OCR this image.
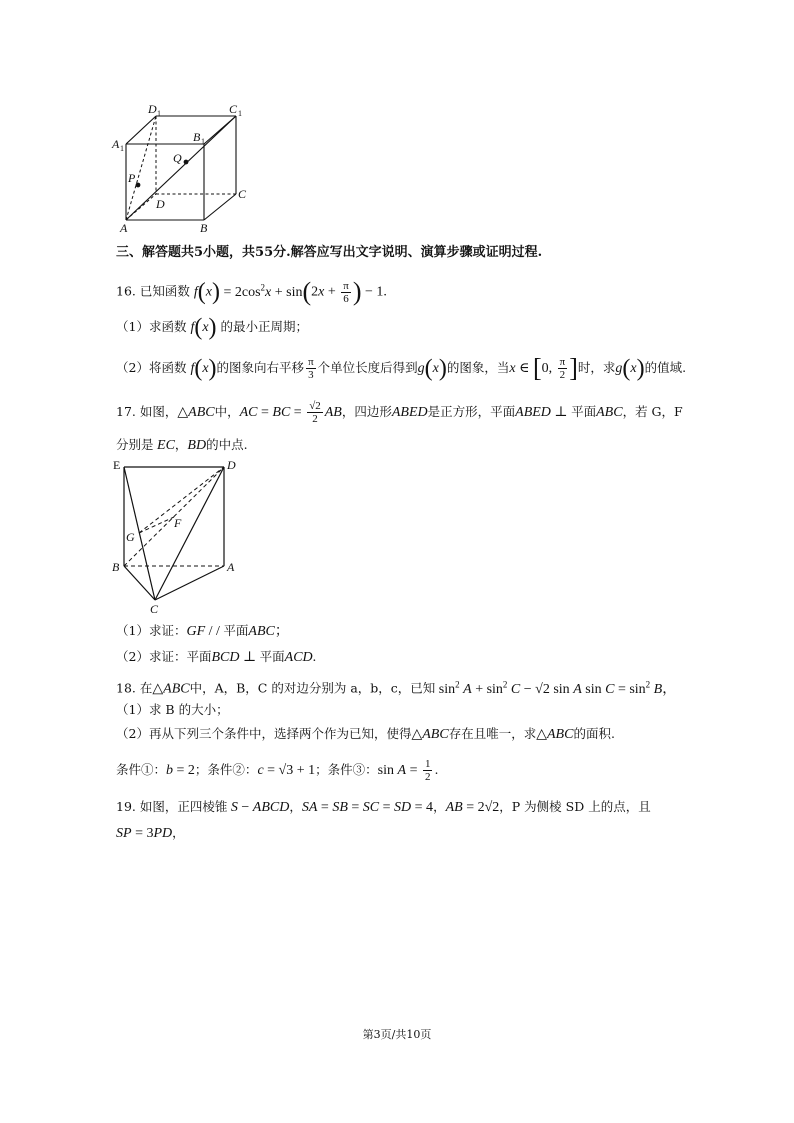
D 1	C 1
A 1
B 1
Q
P
D
C
A	B
三、解答题共5小题，共55分.解答应写出文字说明、演算步骤或证明过程.
16. 已知函数 $f(x) = 2\cos^2x + \sin(2x + \frac{\pi}{6}$ ) − 1.
（1）求函数 f(x) 的最小正周期；
（2）将函数 f(x)的图象向右平移 $\frac{\pi}{3}$ 个单位长度后得到g(x)的图象，当x ∈ [0, $\frac{\pi}{2}$ ]时，求g(x)的值域.
17. 如图，△ABC中，AC = BC = $\frac{√2}{2}$ AB，四边形ABED是正方形，平面ABED ⊥ 平面ABC，若 G，F
分别是 EC，BD的中点.
E	D
F
G
B	A
C
（1）求证：GF / / 平面ABC；
（2）求证：平面BCD ⊥ 平面ACD.
18. 在△ABC中，A，B，C 的对边分别为 a，b，c，已知 $\sin^2 A + \sin^2 C - √2$ sin A $\sin C = \sin^2 B$，
（1）求 B 的大小；
（2）再从下列三个条件中，选择两个作为已知，使得△ABC存在且唯一，求△ABC的面积.
条件①：b = 2；条件②：c = √3 + 1；条件③：$\sin A = \frac{1}{2}$ .
19. 如图，正四棱锥 S − ABCD，SA = SB = SC = SD = 4，AB = 2√2，P 为侧棱 SD 上的点，且
SP = 3PD，
第3页/共10页
